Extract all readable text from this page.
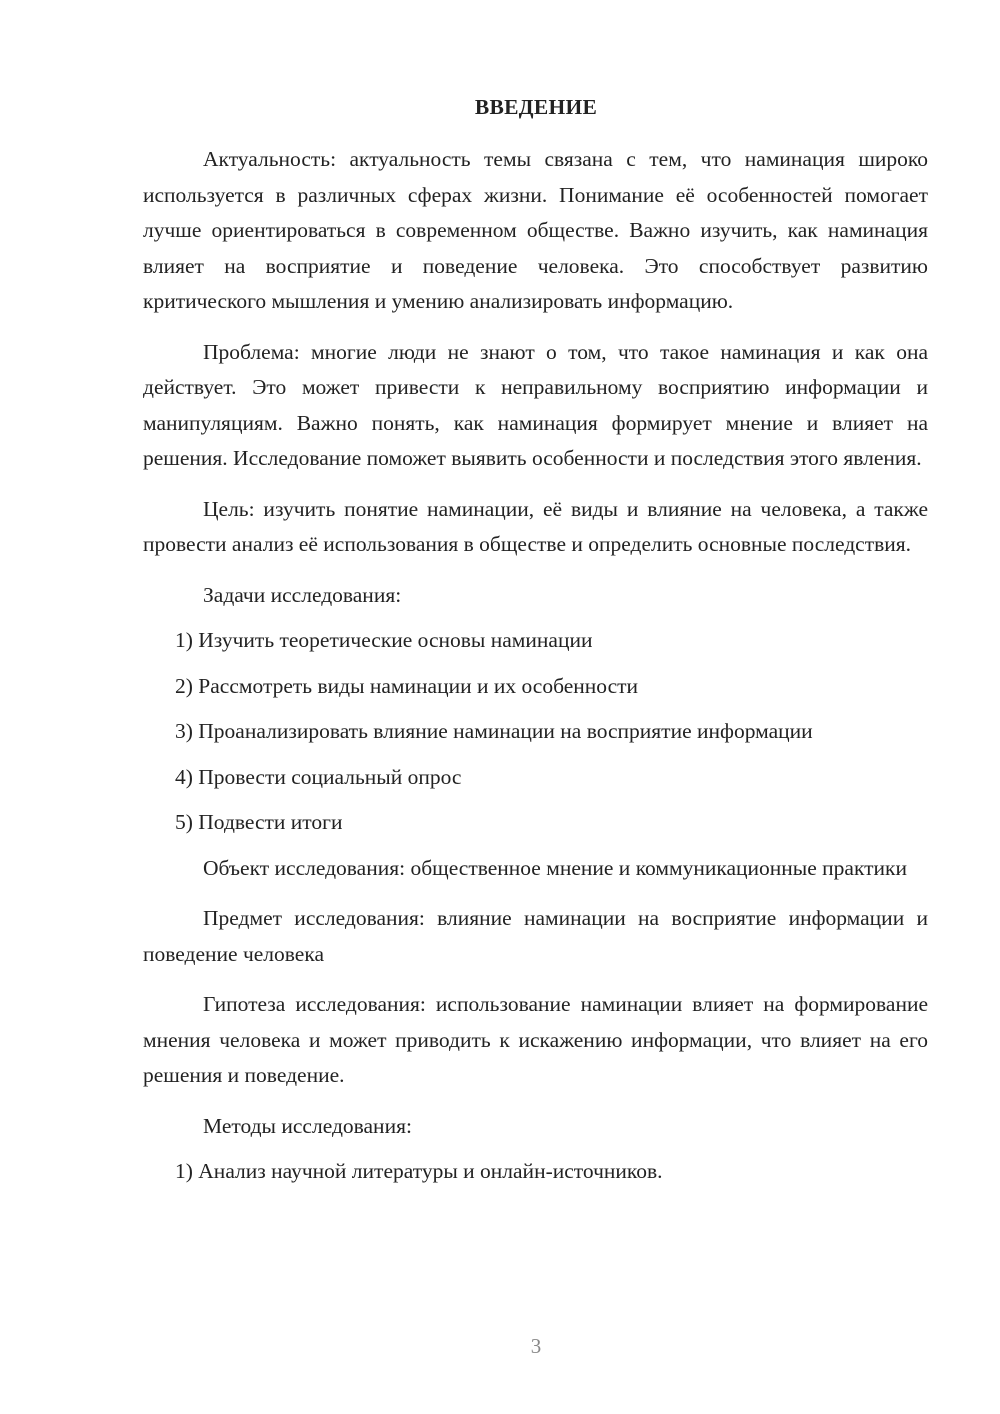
ВВЕДЕНИЕ

Актуальность: актуальность темы связана с тем, что наминация широко используется в различных сферах жизни. Понимание её особенностей помогает лучше ориентироваться в современном обществе. Важно изучить, как наминация влияет на восприятие и поведение человека. Это способствует развитию критического мышления и умению анализировать информацию.

Проблема: многие люди не знают о том, что такое наминация и как она действует. Это может привести к неправильному восприятию информации и манипуляциям. Важно понять, как наминация формирует мнение и влияет на решения. Исследование поможет выявить особенности и последствия этого явления.

Цель: изучить понятие наминации, её виды и влияние на человека, а также провести анализ её использования в обществе и определить основные последствия.

Задачи исследования:

1) Изучить теоретические основы наминации
2) Рассмотреть виды наминации и их особенности
3) Проанализировать влияние наминации на восприятие информации
4) Провести социальный опрос
5) Подвести итоги

Объект исследования: общественное мнение и коммуникационные практики

Предмет исследования: влияние наминации на восприятие информации и поведение человека

Гипотеза исследования: использование наминации влияет на формирование мнения человека и может приводить к искажению информации, что влияет на его решения и поведение.

Методы исследования:

1) Анализ научной литературы и онлайн-источников.
3
